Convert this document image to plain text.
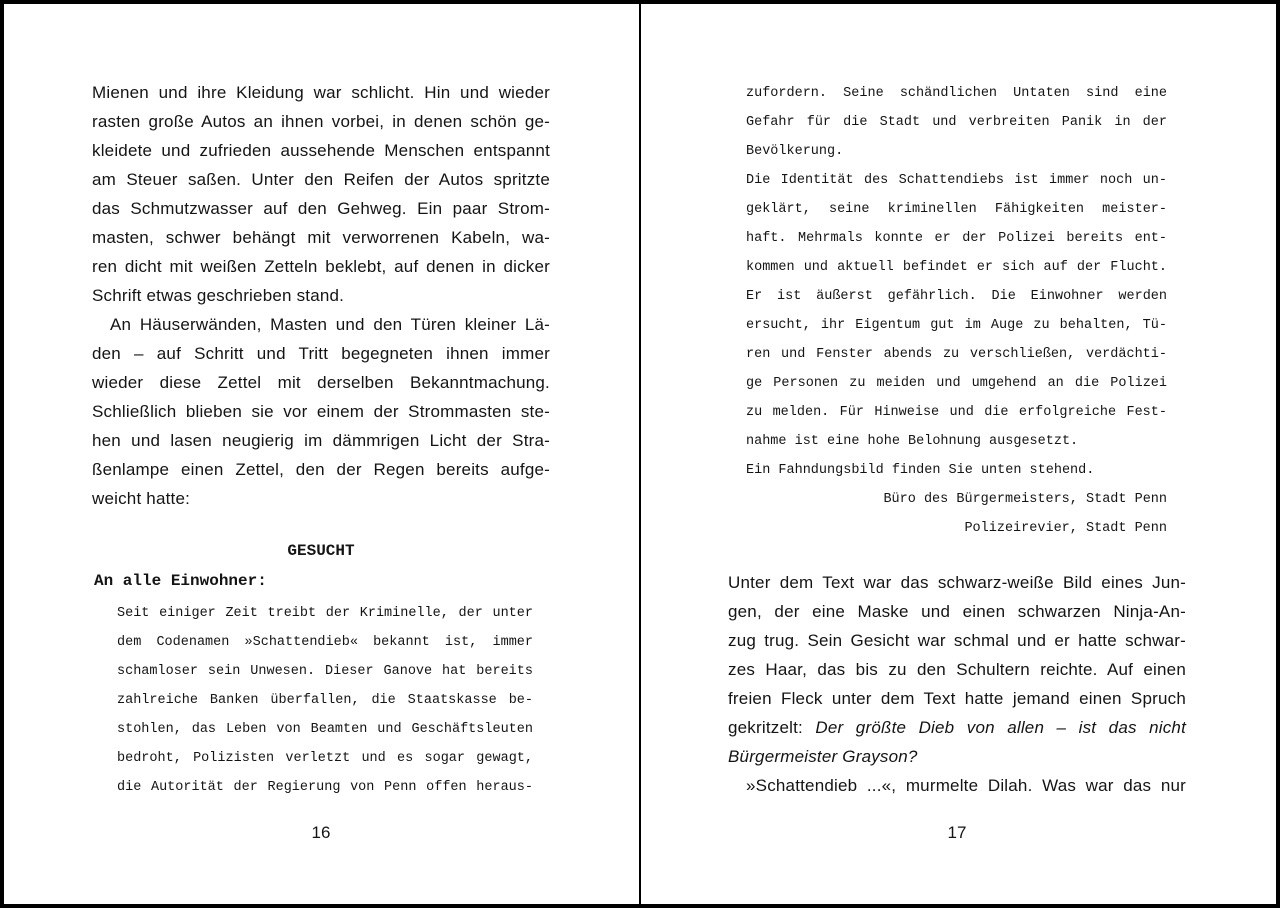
Mienen und ihre Kleidung war schlicht. Hin und wieder
rasten große Autos an ihnen vorbei, in denen schön ge-
kleidete und zufrieden aussehende Menschen entspannt
am Steuer saßen. Unter den Reifen der Autos spritzte
das Schmutzwasser auf den Gehweg. Ein paar Strom-
masten, schwer behängt mit verworrenen Kabeln, wa-
ren dicht mit weißen Zetteln beklebt, auf denen in dicker
Schrift etwas geschrieben stand.
An Häuserwänden, Masten und den Türen kleiner Lä-
den – auf Schritt und Tritt begegneten ihnen immer
wieder diese Zettel mit derselben Bekanntmachung.
Schließlich blieben sie vor einem der Strommasten ste-
hen und lasen neugierig im dämmrigen Licht der Stra-
ßenlampe einen Zettel, den der Regen bereits aufge-
weicht hatte:
GESUCHT
An alle Einwohner:
Seit einiger Zeit treibt der Kriminelle, der unter
dem Codenamen »Schattendieb« bekannt ist, immer
schamloser sein Unwesen. Dieser Ganove hat bereits
zahlreiche Banken überfallen, die Staatskasse be-
stohlen, das Leben von Beamten und Geschäftsleuten
bedroht, Polizisten verletzt und es sogar gewagt,
die Autorität der Regierung von Penn offen heraus-
16
zufordern. Seine schändlichen Untaten sind eine
Gefahr für die Stadt und verbreiten Panik in der
Bevölkerung.
Die Identität des Schattendiebs ist immer noch un-
geklärt, seine kriminellen Fähigkeiten meister-
haft. Mehrmals konnte er der Polizei bereits ent-
kommen und aktuell befindet er sich auf der Flucht.
Er ist äußerst gefährlich. Die Einwohner werden
ersucht, ihr Eigentum gut im Auge zu behalten, Tü-
ren und Fenster abends zu verschließen, verdächti-
ge Personen zu meiden und umgehend an die Polizei
zu melden. Für Hinweise und die erfolgreiche Fest-
nahme ist eine hohe Belohnung ausgesetzt.
Ein Fahndungsbild finden Sie unten stehend.
Büro des Bürgermeisters, Stadt Penn
Polizeirevier, Stadt Penn
Unter dem Text war das schwarz-weiße Bild eines Jun-
gen, der eine Maske und einen schwarzen Ninja-An-
zug trug. Sein Gesicht war schmal und er hatte schwar-
zes Haar, das bis zu den Schultern reichte. Auf einen
freien Fleck unter dem Text hatte jemand einen Spruch
gekritzelt: Der größte Dieb von allen – ist das nicht
Bürgermeister Grayson?
»Schattendieb ...«, murmelte Dilah. Was war das nur
17
